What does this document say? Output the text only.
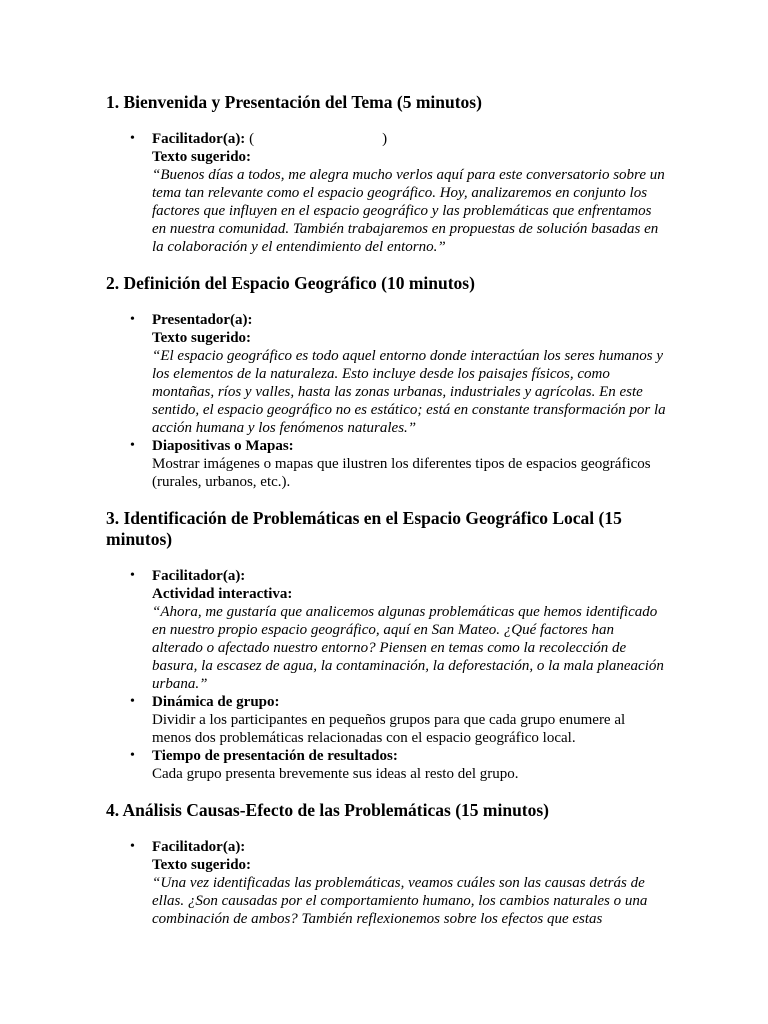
1. Bienvenida y Presentación del Tema (5 minutos)
• Facilitador(a): (	)
Texto sugerido:
“Buenos días a todos, me alegra mucho verlos aquí para este conversatorio sobre un tema tan relevante como el espacio geográfico. Hoy, analizaremos en conjunto los factores que influyen en el espacio geográfico y las problemáticas que enfrentamos en nuestra comunidad. También trabajaremos en propuestas de solución basadas en la colaboración y el entendimiento del entorno.”
2. Definición del Espacio Geográfico (10 minutos)
• Presentador(a):
Texto sugerido:
“El espacio geográfico es todo aquel entorno donde interactúan los seres humanos y los elementos de la naturaleza. Esto incluye desde los paisajes físicos, como montañas, ríos y valles, hasta las zonas urbanas, industriales y agrícolas. En este sentido, el espacio geográfico no es estático; está en constante transformación por la acción humana y los fenómenos naturales.”
• Diapositivas o Mapas:
Mostrar imágenes o mapas que ilustren los diferentes tipos de espacios geográficos (rurales, urbanos, etc.).
3. Identificación de Problemáticas en el Espacio Geográfico Local (15 minutos)
• Facilitador(a):
Actividad interactiva:
“Ahora, me gustaría que analicemos algunas problemáticas que hemos identificado en nuestro propio espacio geográfico, aquí en San Mateo. ¿Qué factores han alterado o afectado nuestro entorno? Piensen en temas como la recolección de basura, la escasez de agua, la contaminación, la deforestación, o la mala planeación urbana.”
• Dinámica de grupo:
Dividir a los participantes en pequeños grupos para que cada grupo enumere al menos dos problemáticas relacionadas con el espacio geográfico local.
• Tiempo de presentación de resultados:
Cada grupo presenta brevemente sus ideas al resto del grupo.
4. Análisis Causas-Efecto de las Problemáticas (15 minutos)
• Facilitador(a):
Texto sugerido:
“Una vez identificadas las problemáticas, veamos cuáles son las causas detrás de ellas. ¿Son causadas por el comportamiento humano, los cambios naturales o una combinación de ambos? También reflexionemos sobre los efectos que estas
